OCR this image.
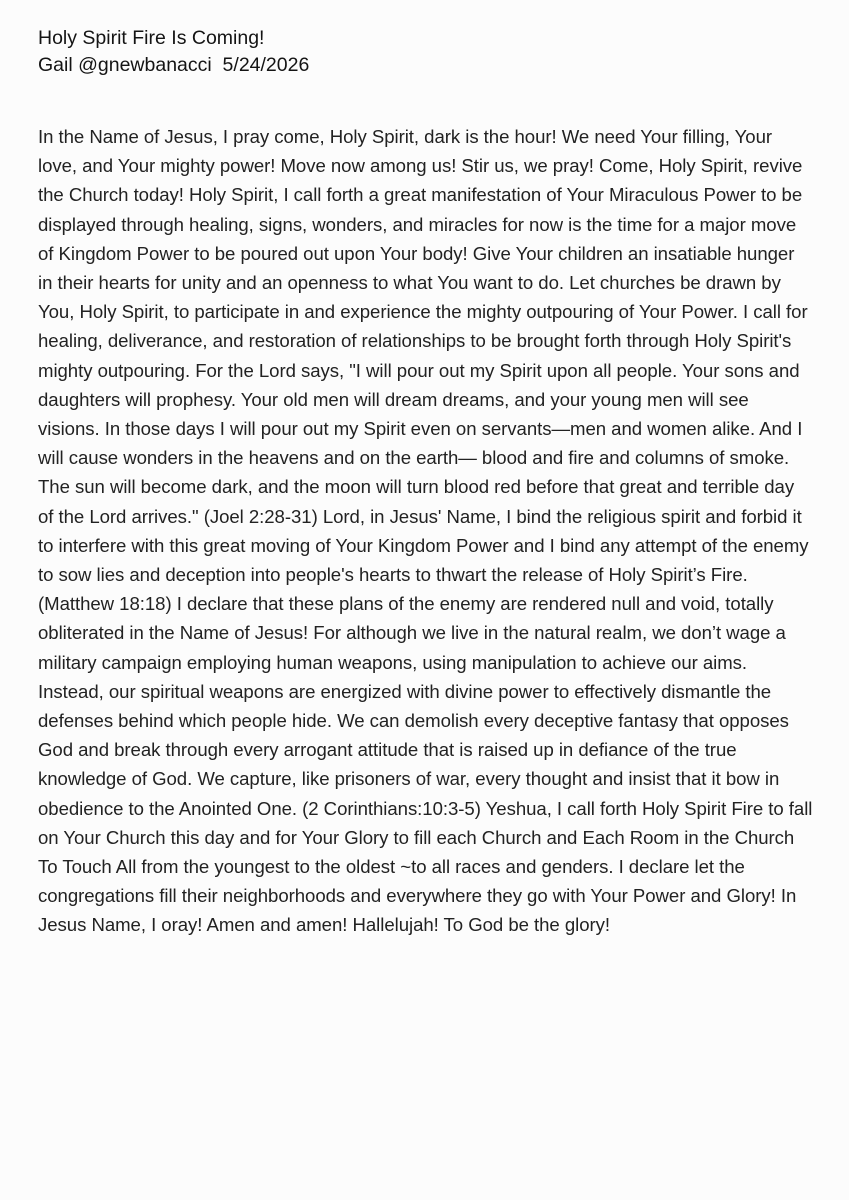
Holy Spirit Fire Is Coming!

Gail @gnewbanacci  5/24/2026

In the Name of Jesus, I pray come, Holy Spirit, dark is the hour! We need Your filling, Your love, and Your mighty power! Move now among us! Stir us, we pray! Come, Holy Spirit, revive the Church today! Holy Spirit, I call forth a great manifestation of Your Miraculous Power to be displayed through healing, signs, wonders, and miracles for now is the time for a major move of Kingdom Power to be poured out upon Your body! Give Your children an insatiable hunger in their hearts for unity and an openness to what You want to do. Let churches be drawn by You, Holy Spirit, to participate in and experience the mighty outpouring of Your Power. I call for healing, deliverance, and restoration of relationships to be brought forth through Holy Spirit's mighty outpouring. For the Lord says, "I will pour out my Spirit upon all people. Your sons and daughters will prophesy. Your old men will dream dreams, and your young men will see visions. In those days I will pour out my Spirit even on servants—men and women alike. And I will cause wonders in the heavens and on the earth— blood and fire and columns of smoke. The sun will become dark, and the moon will turn blood red before that great and terrible day of the Lord arrives." (Joel 2:28-31) Lord, in Jesus' Name, I bind the religious spirit and forbid it to interfere with this great moving of Your Kingdom Power and I bind any attempt of the enemy to sow lies and deception into people's hearts to thwart the release of Holy Spirit’s Fire. (Matthew 18:18) I declare that these plans of the enemy are rendered null and void, totally obliterated in the Name of Jesus! For although we live in the natural realm, we don’t wage a military campaign employing human weapons, using manipulation to achieve our aims. Instead, our spiritual weapons are energized with divine power to effectively dismantle the defenses behind which people hide. We can demolish every deceptive fantasy that opposes God and break through every arrogant attitude that is raised up in defiance of the true knowledge of God. We capture, like prisoners of war, every thought and insist that it bow in obedience to the Anointed One. (2 Corinthians:10:3-5) Yeshua, I call forth Holy Spirit Fire to fall on Your Church this day and for Your Glory to fill each Church and Each Room in the Church To Touch All from the youngest to the oldest ~to all races and genders. I declare let the congregations fill their neighborhoods and everywhere they go with Your Power and Glory! In Jesus Name, I oray! Amen and amen! Hallelujah! To God be the glory!
